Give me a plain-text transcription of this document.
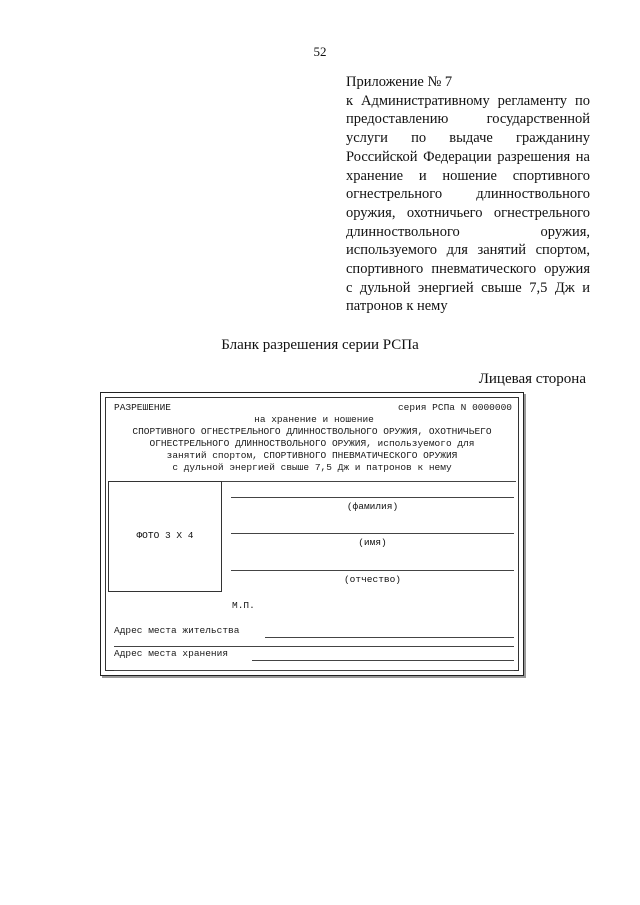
52
Приложение № 7
к Административному регламенту по предоставлению государственной услуги по выдаче гражданину Российской Федерации разрешения на хранение и ношение спортивного огнестрельного длинноствольного оружия, охотничьего огнестрельного длинноствольного оружия, используемого для занятий спортом, спортивного пневматического оружия с дульной энергией свыше 7,5 Дж и патронов к нему
Бланк разрешения серии РСПа
Лицевая сторона
РАЗРЕШЕНИЕ	серия РСПа N 0000000
на хранение и ношение
СПОРТИВНОГО ОГНЕСТРЕЛЬНОГО ДЛИННОСТВОЛЬНОГО ОРУЖИЯ, ОХОТНИЧЬЕГО
ОГНЕСТРЕЛЬНОГО ДЛИННОСТВОЛЬНОГО ОРУЖИЯ, используемого для
занятий спортом, СПОРТИВНОГО ПНЕВМАТИЧЕСКОГО ОРУЖИЯ
с дульной энергией свыше 7,5 Дж и патронов к нему
ФОТО 3 Х 4
(фамилия)
(имя)
(отчество)
М.П.
Адрес места жительства
Адрес места хранения
